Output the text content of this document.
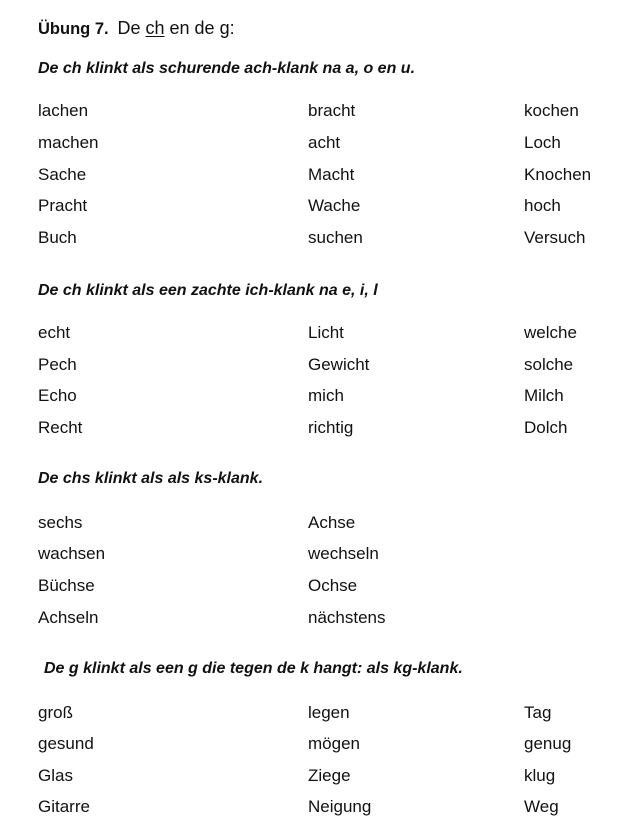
Übung 7. De ch en de g:
De ch klinkt als schurende ach-klank na a, o en u.
lachen
machen
Sache
Pracht
Buch
bracht
acht
Macht
Wache
suchen
kochen
Loch
Knochen
hoch
Versuch
De ch klinkt als een zachte ich-klank na e, i, l
echt
Pech
Echo
Recht
Licht
Gewicht
mich
richtig
welche
solche
Milch
Dolch
De chs klinkt als als ks-klank.
sechs
wachsen
Büchse
Achseln
Achse
wechseln
Ochse
nächstens
De g klinkt als een g die tegen de k hangt: als kg-klank.
groß
gesund
Glas
Gitarre
legen
mögen
Ziege
Neigung
Tag
genug
klug
Weg
